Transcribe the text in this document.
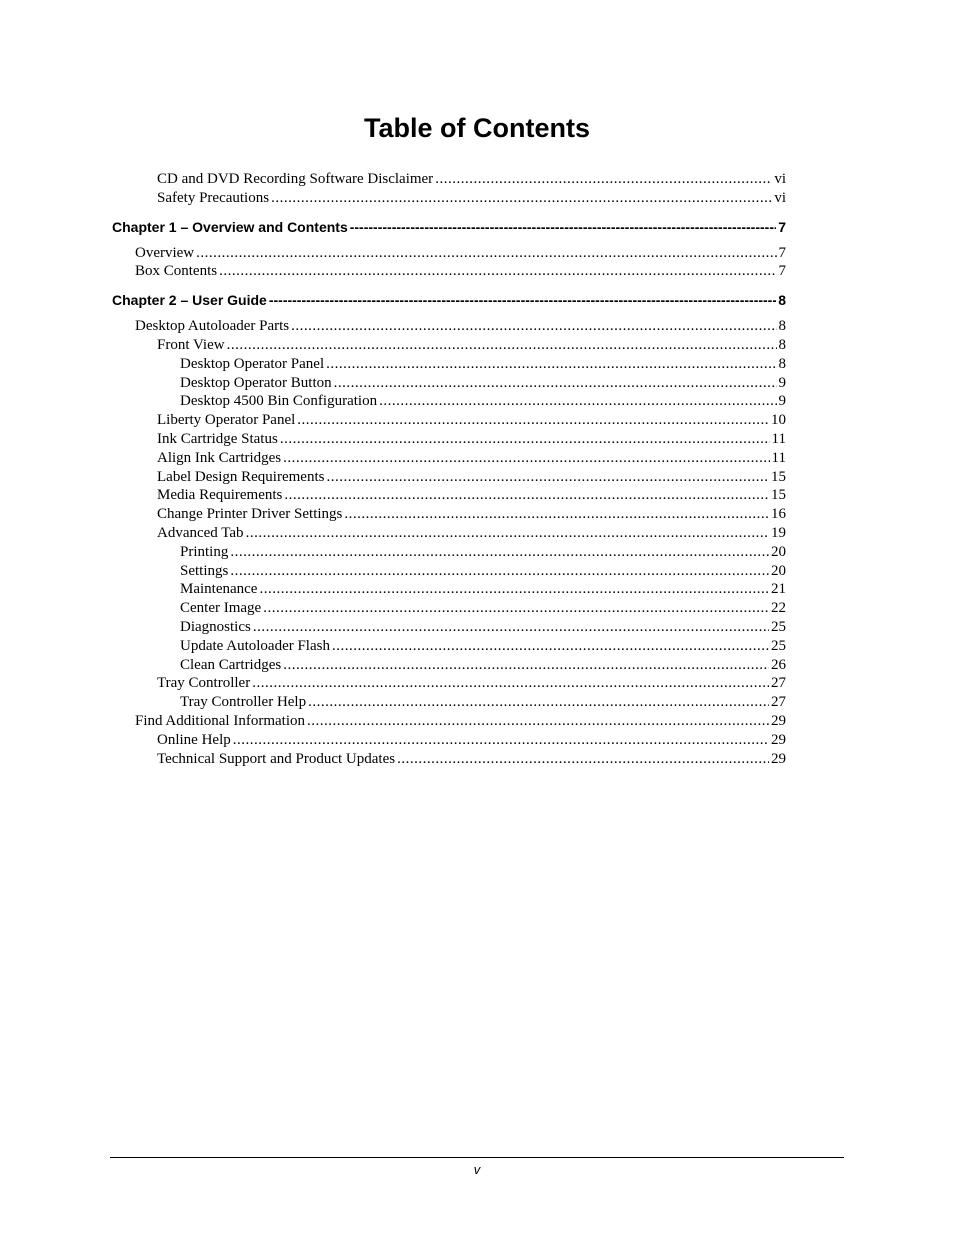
Table of Contents
CD and DVD Recording Software Disclaimer .....	vi
Safety Precautions .....	vi
Chapter 1 – Overview and Contents -----	7
Overview .....	7
Box Contents .....	7
Chapter 2 – User Guide -----	8
Desktop Autoloader Parts .....	8
Front View .....	8
Desktop Operator Panel .....	8
Desktop Operator Button .....	9
Desktop 4500 Bin Configuration .....	9
Liberty Operator Panel .....	10
Ink Cartridge Status .....	11
Align Ink Cartridges .....	11
Label Design Requirements .....	15
Media Requirements .....	15
Change Printer Driver Settings .....	16
Advanced Tab .....	19
Printing .....	20
Settings .....	20
Maintenance .....	21
Center Image .....	22
Diagnostics .....	25
Update Autoloader Flash .....	25
Clean Cartridges .....	26
Tray Controller .....	27
Tray Controller Help .....	27
Find Additional Information .....	29
Online Help .....	29
Technical Support and Product Updates .....	29
v
